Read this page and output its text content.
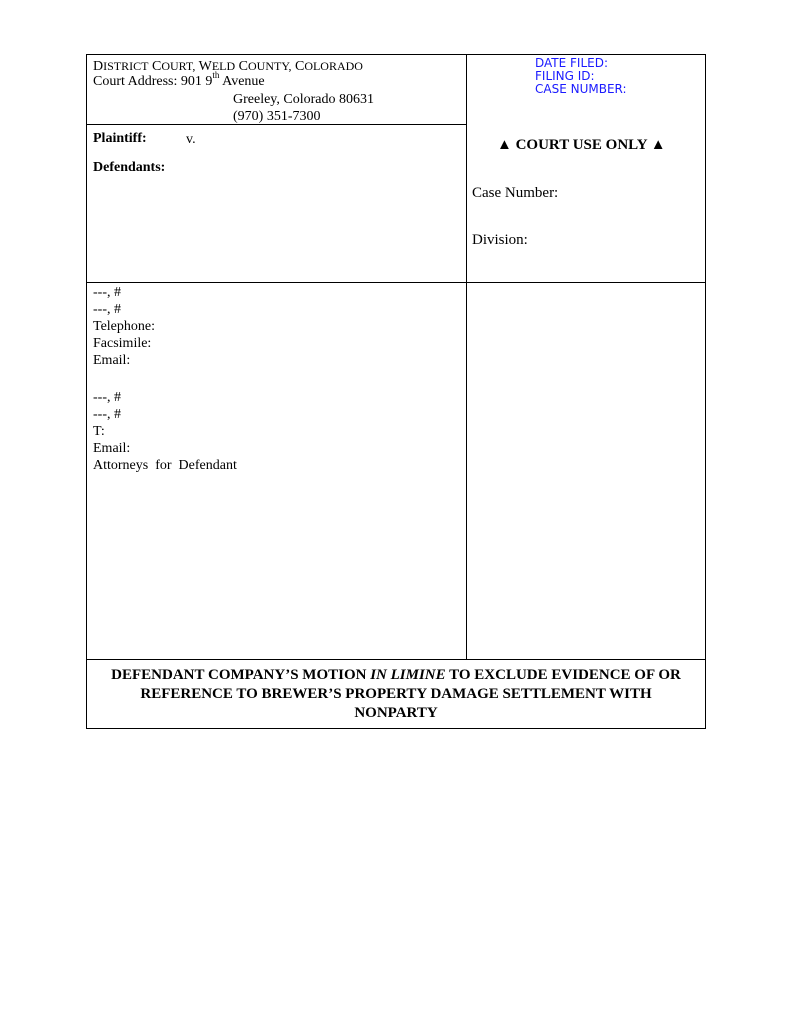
DISTRICT COURT, WELD COUNTY, COLORADO
Court Address: 901 9th Avenue
Greeley, Colorado 80631
(970) 351-7300
DATE FILED:
FILING ID:
CASE NUMBER:
Plaintiff:	v.
Defendants:
▲ COURT USE ONLY ▲
Case Number:
Division:
---, #
---, #
Telephone:
Facsimile:
Email:
---, #
---, #
T:
Email:
Attorneys  for  Defendant
DEFENDANT COMPANY’S MOTION IN LIMINE TO EXCLUDE EVIDENCE OF OR
REFERENCE TO BREWER’S PROPERTY DAMAGE SETTLEMENT WITH
NONPARTY
